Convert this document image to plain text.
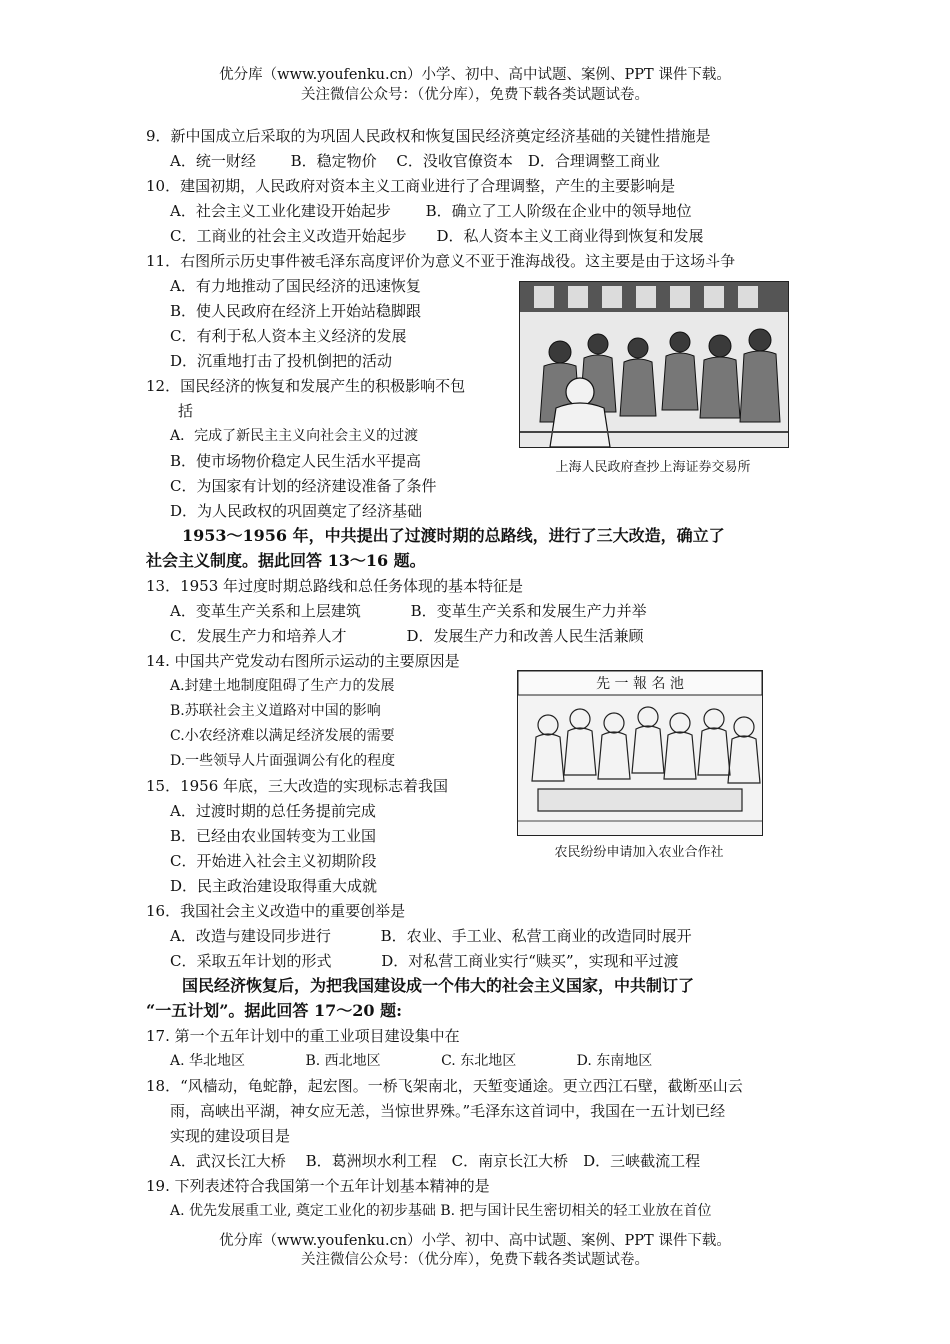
优分库（www.youfenku.cn）小学、初中、高中试题、案例、PPT 课件下载。
关注微信公众号：（优分库），免费下载各类试题试卷。
9．新中国成立后采取的为巩固人民政权和恢复国民经济奠定经济基础的关键性措施是
A．统一财经　　 B．稳定物价　 C．没收官僚资本　D．合理调整工商业
10．建国初期，人民政府对资本主义工商业进行了合理调整，产生的主要影响是
A．社会主义工业化建设开始起步　　 B．确立了工人阶级在企业中的领导地位
C．工商业的社会主义改造开始起步　　D．私人资本主义工商业得到恢复和发展
11．右图所示历史事件被毛泽东高度评价为意义不亚于淮海战役。这主要是由于这场斗争
A．有力地推动了国民经济的迅速恢复
B．使人民政府在经济上开始站稳脚跟
C．有利于私人资本主义经济的发展
D．沉重地打击了投机倒把的活动
上海人民政府查抄上海证券交易所
12．国民经济的恢复和发展产生的积极影响不包
括
A．完成了新民主主义向社会主义的过渡
B．使市场物价稳定人民生活水平提高
C．为国家有计划的经济建设准备了条件
D．为人民政权的巩固奠定了经济基础
1953～1956 年，中共提出了过渡时期的总路线，进行了三大改造，确立了
社会主义制度。据此回答 13～16 题。
13．1953 年过度时期总路线和总任务体现的基本特征是
A．变革生产关系和上层建筑　　　 B．变革生产关系和发展生产力并举
C．发展生产力和培养人才　　　　D．发展生产力和改善人民生活兼顾
14. 中国共产党发动右图所示运动的主要原因是
A.封建土地制度阻碍了生产力的发展
B.苏联社会主义道路对中国的影响
C.小农经济难以满足经济发展的需要
D.一些领导人片面强调公有化的程度
先 一 報 名 池
农民纷纷申请加入农业合作社
15．1956 年底，三大改造的实现标志着我国
A．过渡时期的总任务提前完成
B．已经由农业国转变为工业国
C．开始进入社会主义初期阶段
D．民主政治建设取得重大成就
16．我国社会主义改造中的重要创举是
A．改造与建设同步进行　　　 B．农业、手工业、私营工商业的改造同时展开
C．采取五年计划的形式　　　 D．对私营工商业实行“赎买”，实现和平过渡
国民经济恢复后，为把我国建设成一个伟大的社会主义国家，中共制订了
“一五计划”。据此回答 17～20 题:
17. 第一个五年计划中的重工业项目建设集中在
A. 华北地区　　　　 B. 西北地区　　　　 C. 东北地区　　　　 D. 东南地区
18．“风樯动，龟蛇静，起宏图。一桥飞架南北，天堑变通途。更立西江石壁，截断巫山云
雨，高峡出平湖，神女应无恙，当惊世界殊。”毛泽东这首词中，我国在一五计划已经
实现的建设项目是
A．武汉长江大桥　 B．葛洲坝水利工程　C．南京长江大桥　D．三峡截流工程
19. 下列表述符合我国第一个五年计划基本精神的是
A. 优先发展重工业, 奠定工业化的初步基础 B. 把与国计民生密切相关的轻工业放在首位
优分库（www.youfenku.cn）小学、初中、高中试题、案例、PPT 课件下载。
关注微信公众号：（优分库），免费下载各类试题试卷。
